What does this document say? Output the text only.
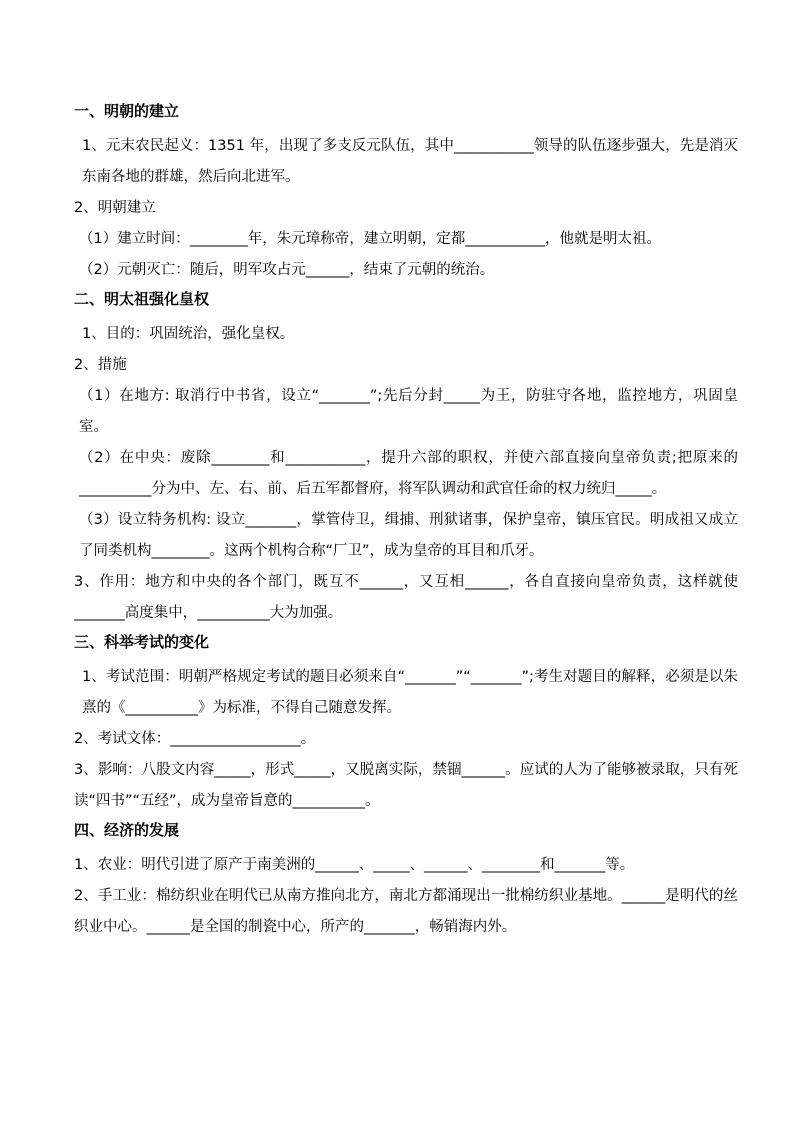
一、明朝的建立

1、元末农民起义：1351 年，出现了多支反元队伍，其中___________领导的队伍逐步强大，先是消灭东南各地的群雄，然后向北进军。

2、明朝建立

（1）建立时间：________年，朱元璋称帝，建立明朝，定都___________，他就是明太祖。

（2）元朝灭亡：随后，明军攻占元______，结束了元朝的统治。

二、明太祖强化皇权

1、目的：巩固统治，强化皇权。

2、措施

（1）在地方: 取消行中书省，设立“_______”;先后分封_____为王，防驻守各地，监控地方，巩固皇室。

（2）在中央：废除________和___________，提升六部的职权，并使六部直接向皇帝负责;把原来的__________分为中、左、右、前、后五军都督府，将军队调动和武官任命的权力统归_____。

（3）设立特务机构: 设立_______，掌管侍卫，缉捕、刑狱诸事，保护皇帝，镇压官民。明成祖又成立了同类机构________。这两个机构合称“厂卫”，成为皇帝的耳目和爪牙。

3、作用：地方和中央的各个部门，既互不______，又互相______，各自直接向皇帝负责，这样就使_______高度集中，__________大为加强。

三、科举考试的变化

1、考试范围：明朝严格规定考试的题目必须来自“_______”“_______”;考生对题目的解释，必须是以朱熹的《__________》为标准，不得自己随意发挥。

2、考试文体：__________________。

3、影响：八股文内容_____，形式_____，又脱离实际，禁锢______。应试的人为了能够被录取，只有死读“四书”“五经”，成为皇帝旨意的__________。

四、经济的发展

1、农业：明代引进了原产于南美洲的______、_____、______、________和_______等。

2、手工业：棉纺织业在明代已从南方推向北方，南北方都涌现出一批棉纺织业基地。______是明代的丝织业中心。______是全国的制瓷中心，所产的_______，畅销海内外。
